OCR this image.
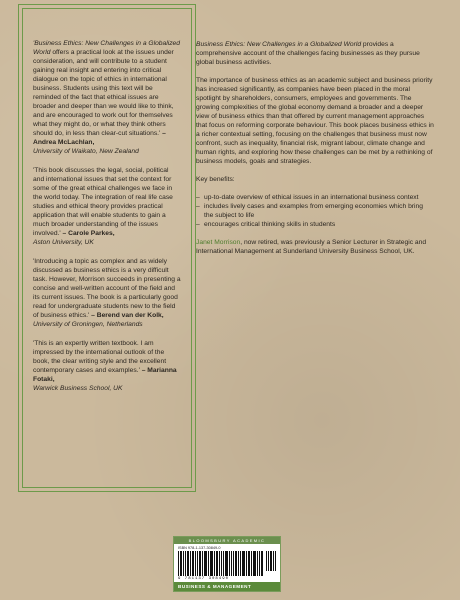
'Business Ethics: New Challenges in a Globalized World offers a practical look at the issues under consideration, and will contribute to a student gaining real insight and entering into critical dialogue on the topic of ethics in international business. Students using this text will be reminded of the fact that ethical issues are broader and deeper than we would like to think, and are encouraged to work out for themselves what they might do, or what they think others should do, in less than clear-cut situations.' – Andrea McLachlan,
University of Waikato, New Zealand

'This book discusses the legal, social, political and international issues that set the context for some of the great ethical challenges we face in the world today. The integration of real life case studies and ethical theory provides practical application that will enable students to gain a much broader understanding of the issues involved.' – Carole Parkes,
Aston University, UK

'Introducing a topic as complex and as widely discussed as business ethics is a very difficult task. However, Morrison succeeds in presenting a concise and well-written account of the field and its current issues. The book is a particularly good read for undergraduate students new to the field of business ethics.' – Berend van der Kolk,
University of Groningen, Netherlands

'This is an expertly written textbook. I am impressed by the international outlook of the book, the clear writing style and the excellent contemporary cases and examples.' – Marianna Fotaki,
Warwick Business School, UK

Business Ethics: New Challenges in a Globalized World provides a comprehensive account of the challenges facing businesses as they pursue global business activities.

The importance of business ethics as an academic subject and business priority has increased significantly, as companies have been placed in the moral spotlight by shareholders, consumers, employees and governments. The growing complexities of the global economy demand a broader and a deeper view of business ethics than that offered by current management approaches that focus on reforming corporate behaviour. This book places business ethics in a richer contextual setting, focusing on the challenges that business must now confront, such as inequality, financial risk, migrant labour, climate change and human rights, and exploring how these challenges can be met by a rethinking of business models, goals and strategies.

Key benefits:

– up-to-date overview of ethical issues in an international business context
– includes lively cases and examples from emerging economies which bring the subject to life
– encourages critical thinking skills in students

Janet Morrison, now retired, was previously a Senior Lecturer in Strategic and International Management at Sunderland University Business School, UK.

BLOOMSBURY ACADEMIC
ISBN 978-1-137-30849-0
9 781137 308490
BUSINESS & MANAGEMENT
